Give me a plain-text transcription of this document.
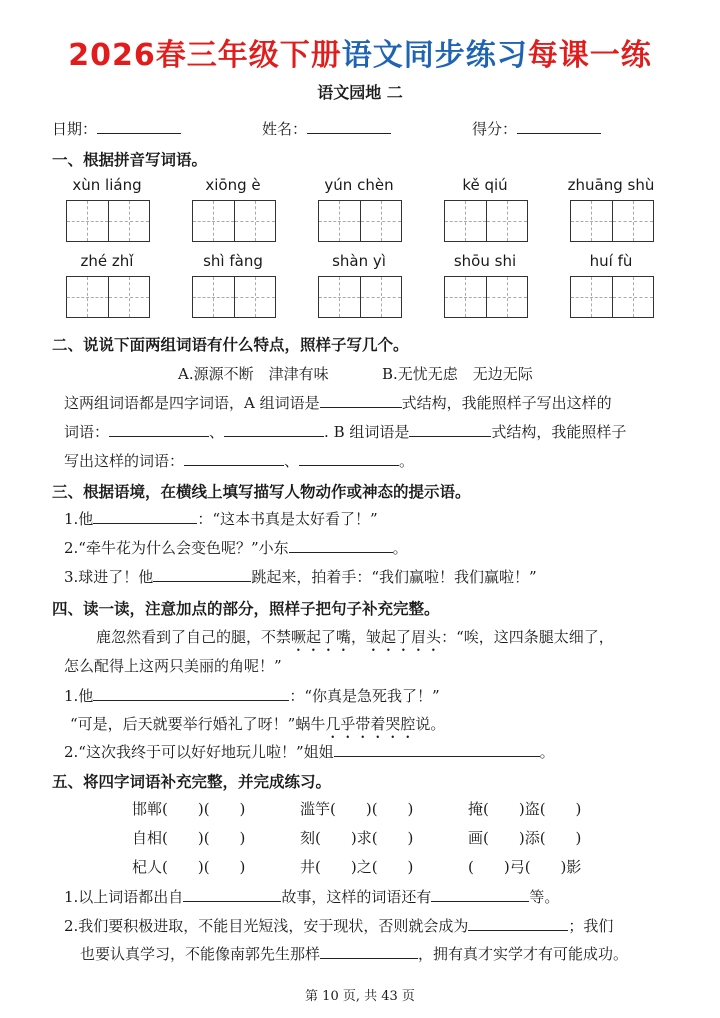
2026春三年级下册语文同步练习每课一练
语文园地 二
日期：	姓名：	得分：
一、根据拼音写词语。
xùn liáng	xiōng è	yún chèn	kě qiú	zhuāng shù
zhé zhǐ	shì fàng	shàn yì	shōu shi	huí fù
二、说说下面两组词语有什么特点，照样子写几个。
A.源源不断　津津有味	B.无忧无虑　无边无际
这两组词语都是四字词语，A 组词语是	式结构，我能照样子写出这样的
词语：	、	. B 组词语是	式结构，我能照样子
写出这样的词语：	、	。
三、根据语境，在横线上填写描写人物动作或神态的提示语。
1.他	：“这本书真是太好看了！”
2.“牵牛花为什么会变色呢？”小东	。
3.球进了！他	跳起来，拍着手：“我们赢啦！我们赢啦！”
四、读一读，注意加点的部分，照样子把句子补充完整。
鹿忽然看到了自己的腿，不禁噘起了嘴，皱起了眉头：“唉，这四条腿太细了，
怎么配得上这两只美丽的角呢！”
1.他	：“你真是急死我了！”
“可是，后天就要举行婚礼了呀！”蜗牛几乎带着哭腔说。
2.“这次我终于可以好好地玩儿啦！”姐姐	。
五、将四字词语补充完整，并完成练习。
邯郸(　　)(　　)	滥竽(　　)(　　)	掩(　　)盗(　　)
自相(　　)(　　)	刻(　　)求(　　)	画(　　)添(　　)
杞人(　　)(　　)	井(　　)之(　　)	(　　)弓(　　)影
1.以上词语都出自	故事，这样的词语还有	等。
2.我们要积极进取，不能目光短浅，安于现状，否则就会成为	；我们
也要认真学习，不能像南郭先生那样	，拥有真才实学才有可能成功。
第 10 页, 共 43 页
